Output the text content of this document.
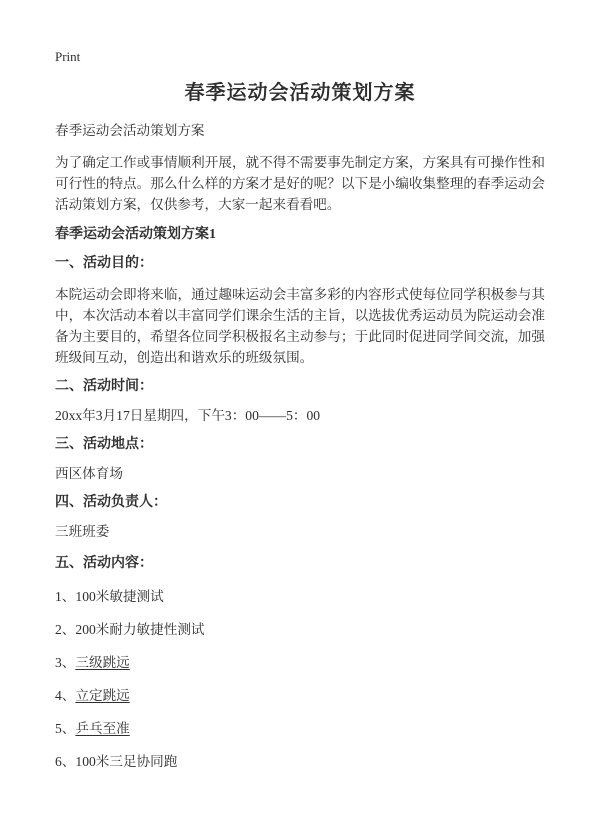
Print
春季运动会活动策划方案
春季运动会活动策划方案

为了确定工作或事情顺利开展，就不得不需要事先制定方案，方案具有可操作性和可行性的特点。那么什么样的方案才是好的呢？以下是小编收集整理的春季运动会活动策划方案，仅供参考，大家一起来看看吧。

春季运动会活动策划方案1
一、活动目的：

本院运动会即将来临，通过趣味运动会丰富多彩的内容形式使每位同学积极参与其中，本次活动本着以丰富同学们课余生活的主旨，以选拔优秀运动员为院运动会准备为主要目的，希望各位同学积极报名主动参与；于此同时促进同学间交流，加强班级间互动，创造出和谐欢乐的班级氛围。

二、活动时间：
20xx年3月17日星期四，下午3：00——5：00
三、活动地点：
西区体育场
四、活动负责人：
三班班委
五、活动内容：
1、100米敏捷测试
2、200米耐力敏捷性测试
3、三级跳远
4、立定跳远
5、乒乓至准
6、100米三足协同跑
